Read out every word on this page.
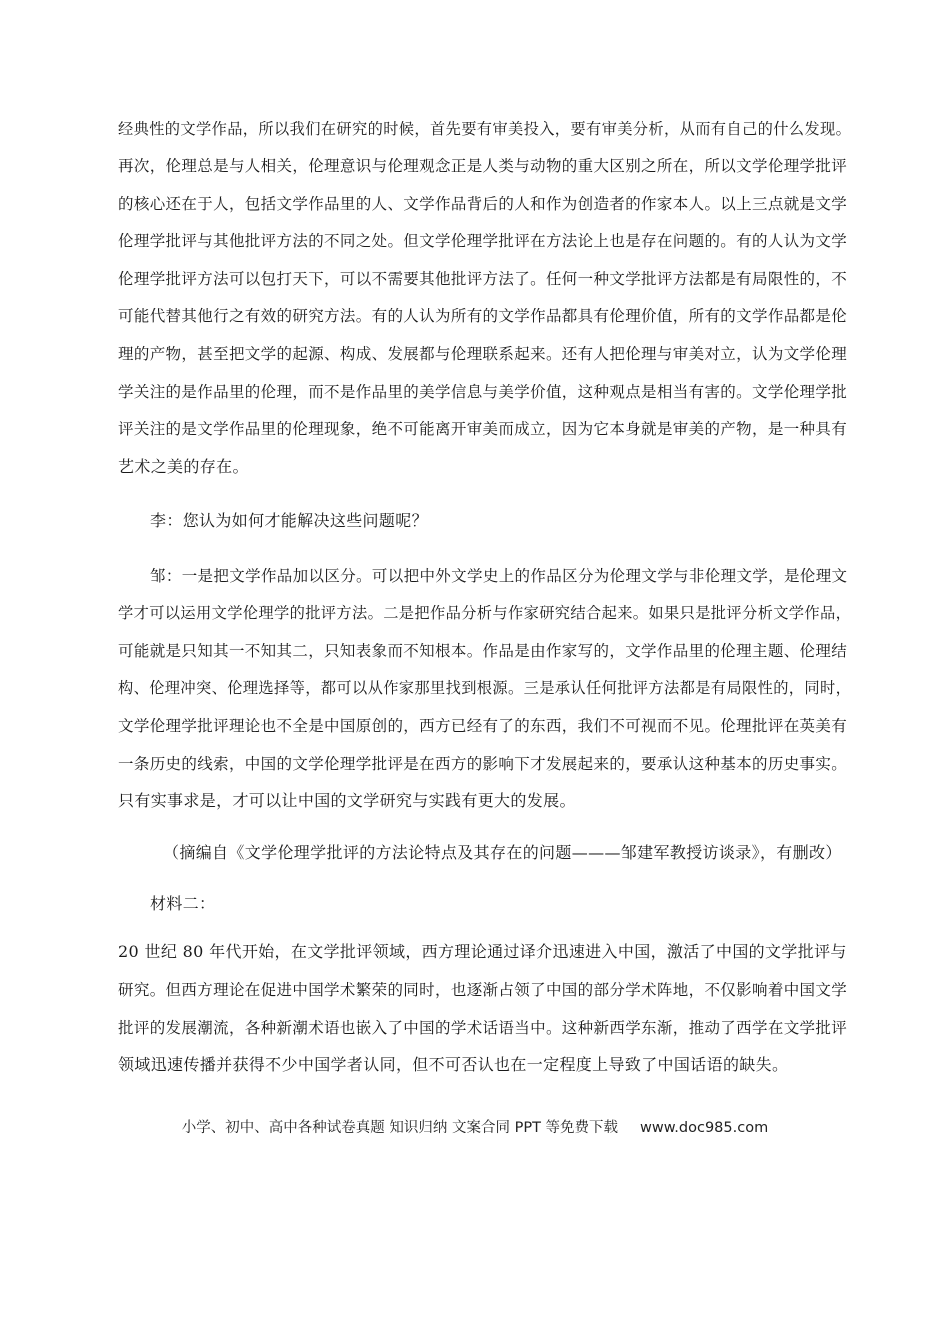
经典性的文学作品，所以我们在研究的时候，首先要有审美投入，要有审美分析，从而有自己的什么发现。
再次，伦理总是与人相关，伦理意识与伦理观念正是人类与动物的重大区别之所在，所以文学伦理学批评
的核心还在于人，包括文学作品里的人、文学作品背后的人和作为创造者的作家本人。以上三点就是文学
伦理学批评与其他批评方法的不同之处。但文学伦理学批评在方法论上也是存在问题的。有的人认为文学
伦理学批评方法可以包打天下，可以不需要其他批评方法了。任何一种文学批评方法都是有局限性的，不
可能代替其他行之有效的研究方法。有的人认为所有的文学作品都具有伦理价值，所有的文学作品都是伦
理的产物，甚至把文学的起源、构成、发展都与伦理联系起来。还有人把伦理与审美对立，认为文学伦理
学关注的是作品里的伦理，而不是作品里的美学信息与美学价值，这种观点是相当有害的。文学伦理学批
评关注的是文学作品里的伦理现象，绝不可能离开审美而成立，因为它本身就是审美的产物，是一种具有
艺术之美的存在。
李：您认为如何才能解决这些问题呢？
邹：一是把文学作品加以区分。可以把中外文学史上的作品区分为伦理文学与非伦理文学，是伦理文
学才可以运用文学伦理学的批评方法。二是把作品分析与作家研究结合起来。如果只是批评分析文学作品，
可能就是只知其一不知其二，只知表象而不知根本。作品是由作家写的，文学作品里的伦理主题、伦理结
构、伦理冲突、伦理选择等，都可以从作家那里找到根源。三是承认任何批评方法都是有局限性的，同时，
文学伦理学批评理论也不全是中国原创的，西方已经有了的东西，我们不可视而不见。伦理批评在英美有
一条历史的线索，中国的文学伦理学批评是在西方的影响下才发展起来的，要承认这种基本的历史事实。
只有实事求是，才可以让中国的文学研究与实践有更大的发展。
（摘编自《文学伦理学批评的方法论特点及其存在的问题———邹建军教授访谈录》，有删改）
材料二：
20 世纪 80 年代开始，在文学批评领域，西方理论通过译介迅速进入中国，激活了中国的文学批评与
研究。但西方理论在促进中国学术繁荣的同时，也逐渐占领了中国的部分学术阵地，不仅影响着中国文学
批评的发展潮流，各种新潮术语也嵌入了中国的学术话语当中。这种新西学东渐，推动了西学在文学批评
领域迅速传播并获得不少中国学者认同，但不可否认也在一定程度上导致了中国话语的缺失。
小学、初中、高中各种试卷真题 知识归纳 文案合同 PPT 等免费下载 www.doc985.com
